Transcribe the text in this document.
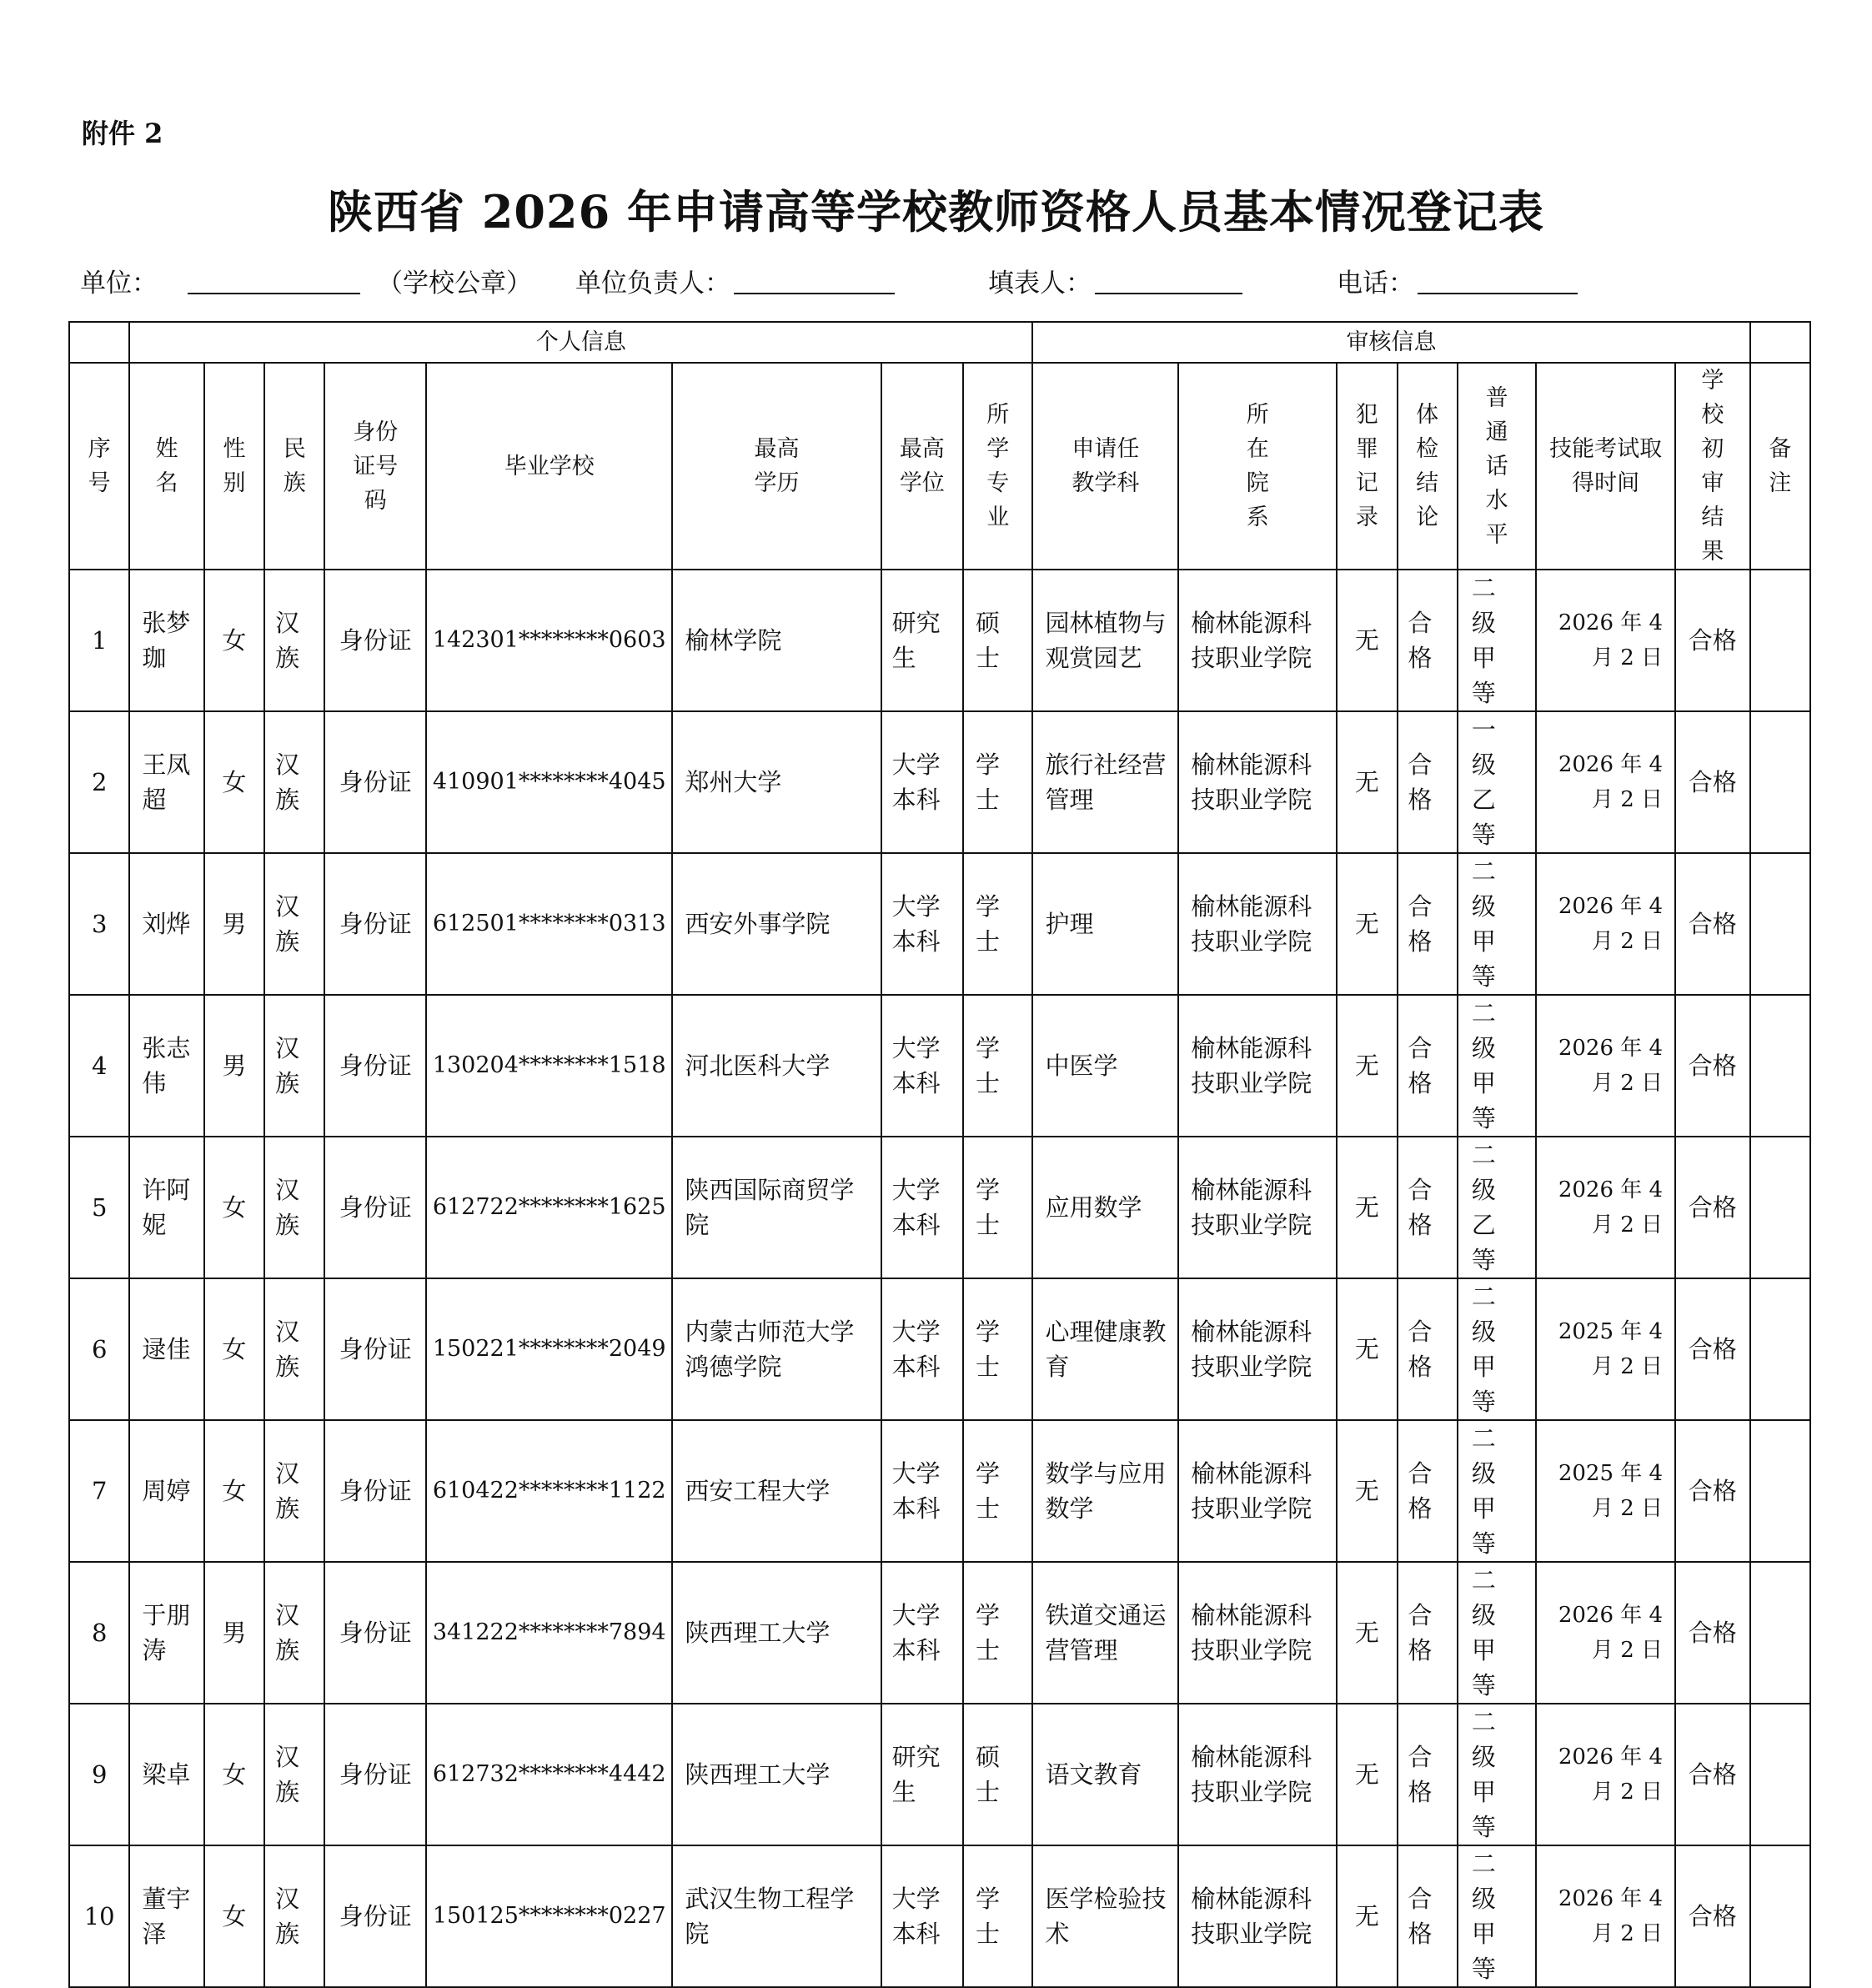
附件 2
陕西省 2026 年申请高等学校教师资格人员基本情况登记表
单位：	（学校公章） 单位负责人：	填表人：	电话：
	个人信息								审核信息							
序号	姓名	性别	民族	身份证号码	毕业学校	最高学历	最高学位	所学专业	申请任教学科	所在院系	犯罪记录	体检结论	普通话水平	技能考试取得时间	学校初审结果	备注
1	张梦珈	女	汉族	身份证	142301********0603	榆林学院	研究生	硕士	园林植物与观赏园艺	榆林能源科技职业学院	无	合格	二级甲等	2026 年 4 月 2 日	合格	
2	王凤超	女	汉族	身份证	410901********4045	郑州大学	大学本科	学士	旅行社经营管理	榆林能源科技职业学院	无	合格	一级乙等	2026 年 4 月 2 日	合格	
3	刘烨	男	汉族	身份证	612501********0313	西安外事学院	大学本科	学士	护理	榆林能源科技职业学院	无	合格	二级甲等	2026 年 4 月 2 日	合格	
4	张志伟	男	汉族	身份证	130204********1518	河北医科大学	大学本科	学士	中医学	榆林能源科技职业学院	无	合格	二级甲等	2026 年 4 月 2 日	合格	
5	许阿妮	女	汉族	身份证	612722********1625	陕西国际商贸学院	大学本科	学士	应用数学	榆林能源科技职业学院	无	合格	二级乙等	2026 年 4 月 2 日	合格	
6	逯佳	女	汉族	身份证	150221********2049	内蒙古师范大学鸿德学院	大学本科	学士	心理健康教育	榆林能源科技职业学院	无	合格	二级甲等	2025 年 4 月 2 日	合格	
7	周婷	女	汉族	身份证	610422********1122	西安工程大学	大学本科	学士	数学与应用数学	榆林能源科技职业学院	无	合格	二级甲等	2025 年 4 月 2 日	合格	
8	于朋涛	男	汉族	身份证	341222********7894	陕西理工大学	大学本科	学士	铁道交通运营管理	榆林能源科技职业学院	无	合格	二级甲等	2026 年 4 月 2 日	合格	
9	梁卓	女	汉族	身份证	612732********4442	陕西理工大学	研究生	硕士	语文教育	榆林能源科技职业学院	无	合格	二级甲等	2026 年 4 月 2 日	合格	
10	董宇泽	女	汉族	身份证	150125********0227	武汉生物工程学院	大学本科	学士	医学检验技术	榆林能源科技职业学院	无	合格	二级甲等	2026 年 4 月 2 日	合格	
